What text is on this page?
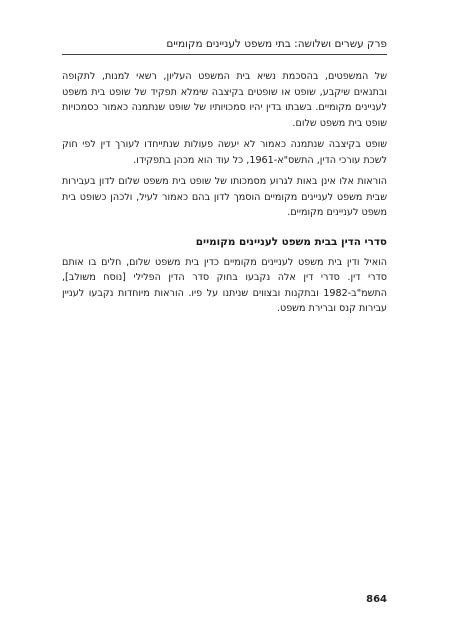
פרק עשרים ושלושה: בתי משפט לעניינים מקומיים

של המשפטים, בהסכמת נשיא בית המשפט העליון, רשאי למנות, לתקופה ובתנאים שיקבע, שופט או שופטים בקיצבה שימלא תפקיד של שופט בית משפט לעניינים מקומיים. בשבתו בדין יהיו סמכויותיו של שופט שנתמנה כאמור כסמכויות שופט בית משפט שלום.

שופט בקיצבה שנתמנה כאמור לא יעשה פעולות שנתייחדו לעורך דין לפי חוק לשכת עורכי הדין, התשס"א-1961, כל עוד הוא מכהן בתפקידו.

הוראות אלו אינן באות לגרוע מסמכותו של שופט בית משפט שלום לדון בעבירות שבית משפט לעניינים מקומיים הוסמך לדון בהם כאמור לעיל, ולכהן כשופט בית משפט לעניינים מקומיים.

סדרי הדין בבית משפט לעניינים מקומיים

הואיל ודין בית משפט לעניינים מקומיים כדין בית משפט שלום, חלים בו אותם סדרי דין. סדרי דין אלה נקבעו בחוק סדר הדין הפלילי [נוסח משולב], התשמ"ב-1982 ובתקנות ובצווים שניתנו על פיו. הוראות מיוחדות נקבעו לעניין עבירות קנס וברירת משפט.

864
